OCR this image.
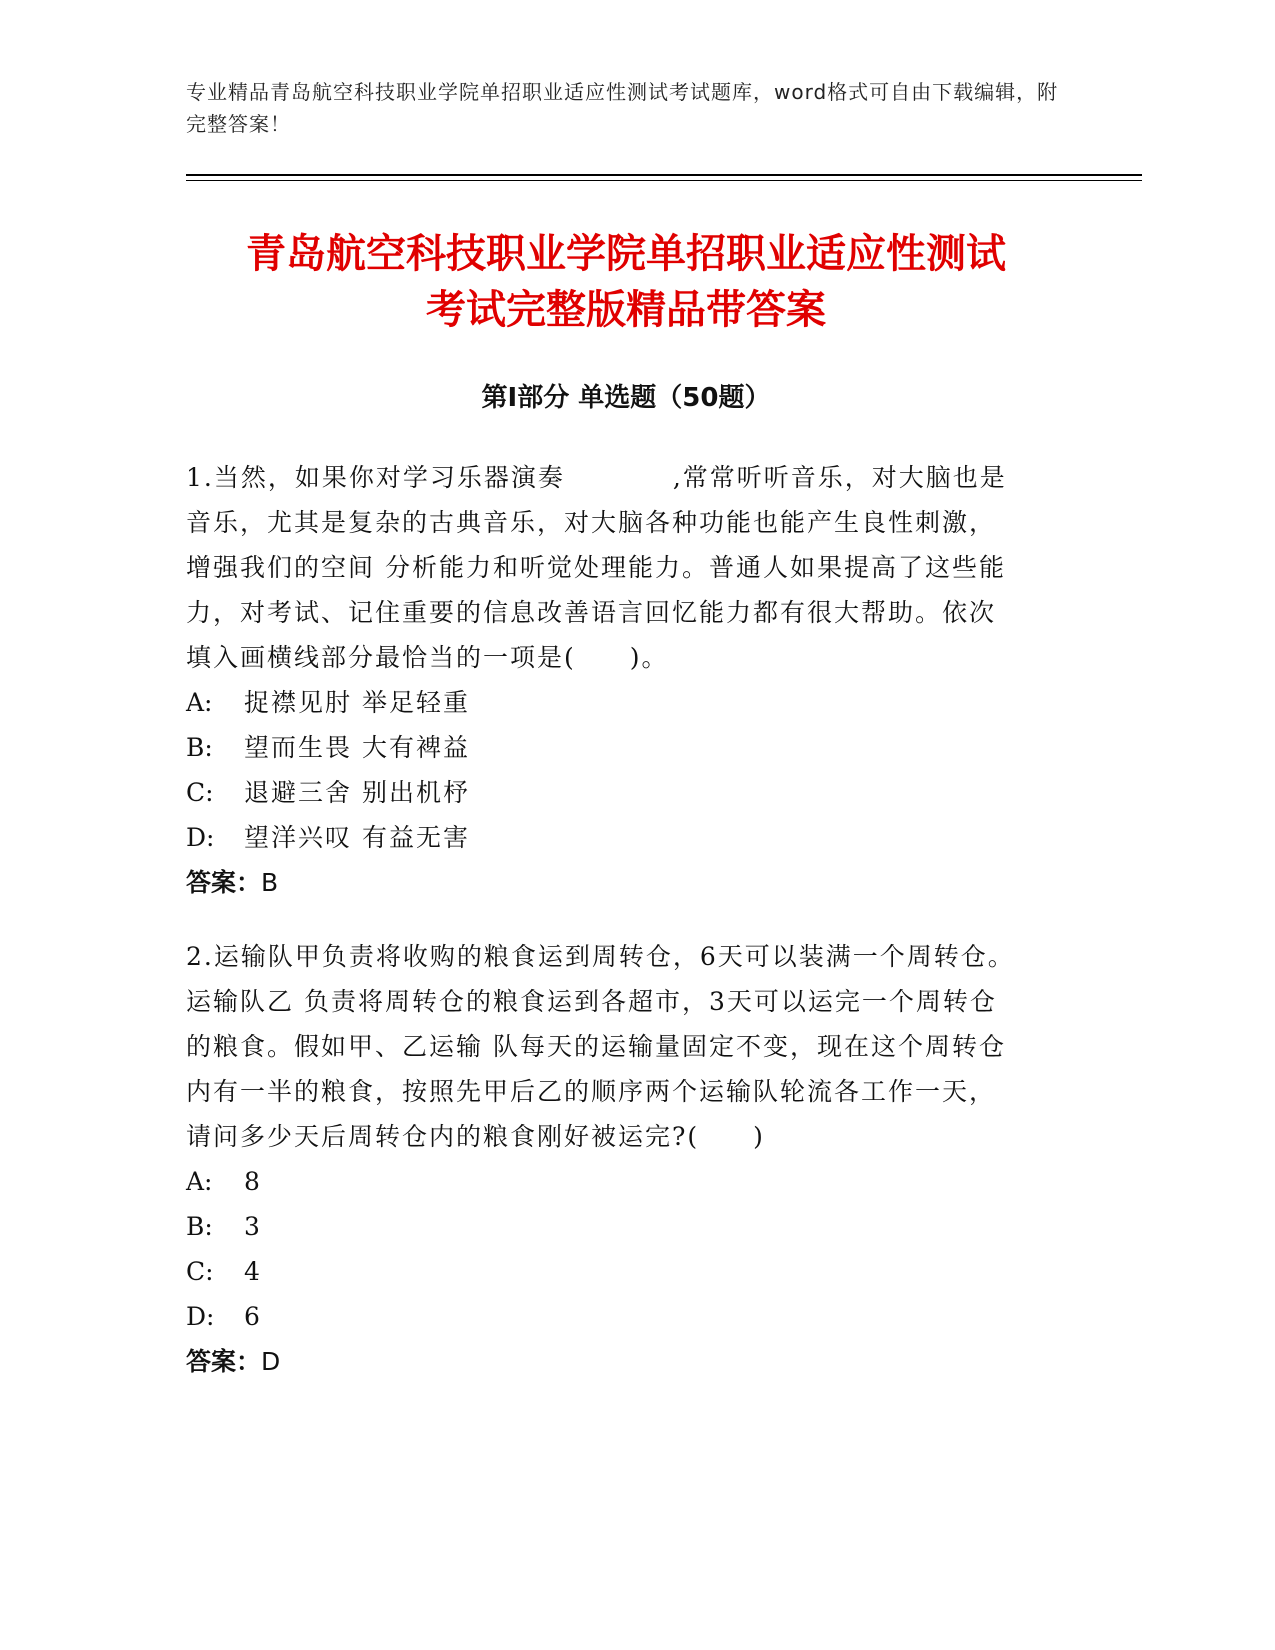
专业精品青岛航空科技职业学院单招职业适应性测试考试题库，word格式可自由下载编辑，附完整答案！

青岛航空科技职业学院单招职业适应性测试
考试完整版精品带答案
第Ⅰ部分 单选题（50题）

1.当然，如果你对学习乐器演奏　　　　,常常听听音乐，对大脑也是
音乐，尤其是复杂的古典音乐，对大脑各种功能也能产生良性刺激，
增强我们的空间 分析能力和听觉处理能力。普通人如果提高了这些能
力，对考试、记住重要的信息改善语言回忆能力都有很大帮助。依次
填入画横线部分最恰当的一项是(　　)。

A: 捉襟见肘 举足轻重

B: 望而生畏 大有裨益

C: 退避三舍 别出机杼

D: 望洋兴叹 有益无害

答案：B

2.运输队甲负责将收购的粮食运到周转仓，6天可以装满一个周转仓。
运输队乙 负责将周转仓的粮食运到各超市，3天可以运完一个周转仓
的粮食。假如甲、乙运输 队每天的运输量固定不变，现在这个周转仓
内有一半的粮食，按照先甲后乙的顺序两个运输队轮流各工作一天，
请问多少天后周转仓内的粮食刚好被运完?(　　)

A: 8

B: 3

C: 4

D: 6

答案：D
